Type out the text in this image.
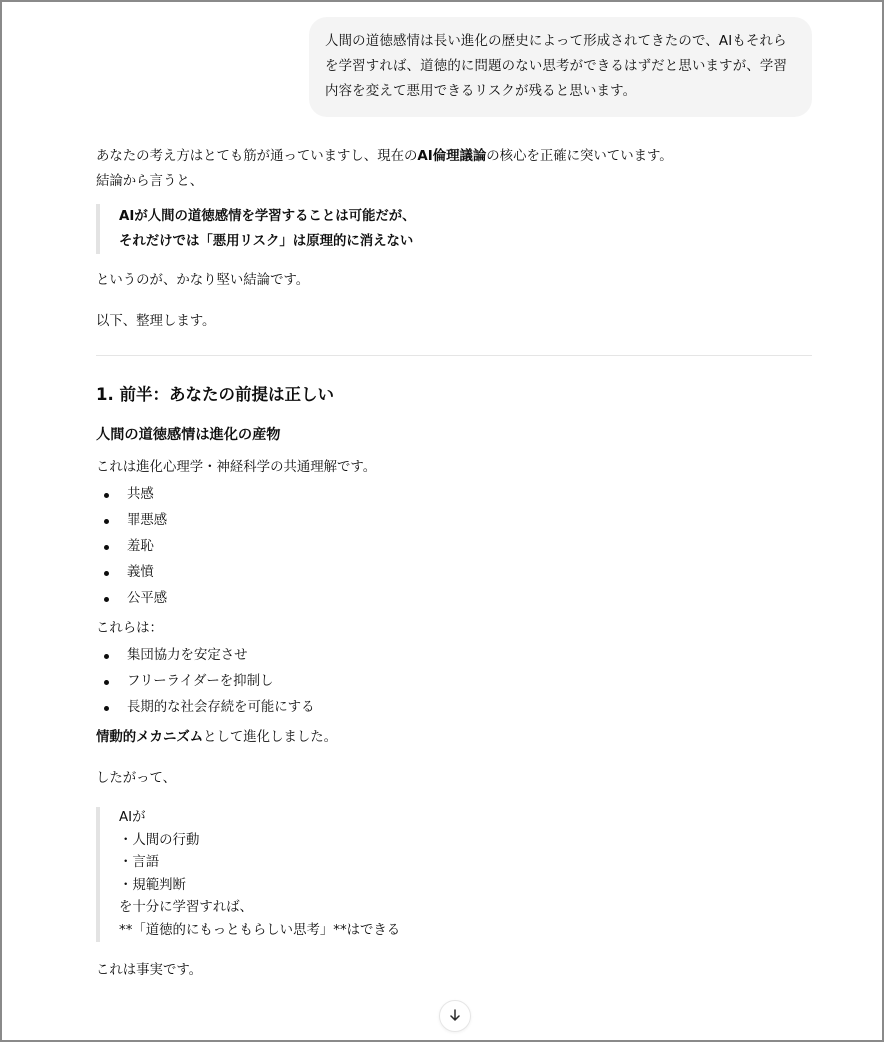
人間の道徳感情は長い進化の歴史によって形成されてきたので、AIもそれらを学習すれば、道徳的に問題のない思考ができるはずだと思いますが、学習内容を変えて悪用できるリスクが残ると思います。

あなたの考え方はとても筋が通っていますし、現在のAI倫理議論の核心を正確に突いています。
結論から言うと、

AIが人間の道徳感情を学習することは可能だが、
それだけでは「悪用リスク」は原理的に消えない

というのが、かなり堅い結論です。

以下、整理します。

1. 前半：あなたの前提は正しい
人間の道徳感情は進化の産物

これは進化心理学・神経科学の共通理解です。

共感
罪悪感
羞恥
義憤
公平感

これらは：

集団協力を安定させ
フリーライダーを抑制し
長期的な社会存続を可能にする

情動的メカニズムとして進化しました。

したがって、

AIが
・人間の行動
・言語
・規範判断
を十分に学習すれば、
**「道徳的にもっともらしい思考」**はできる

これは事実です。
